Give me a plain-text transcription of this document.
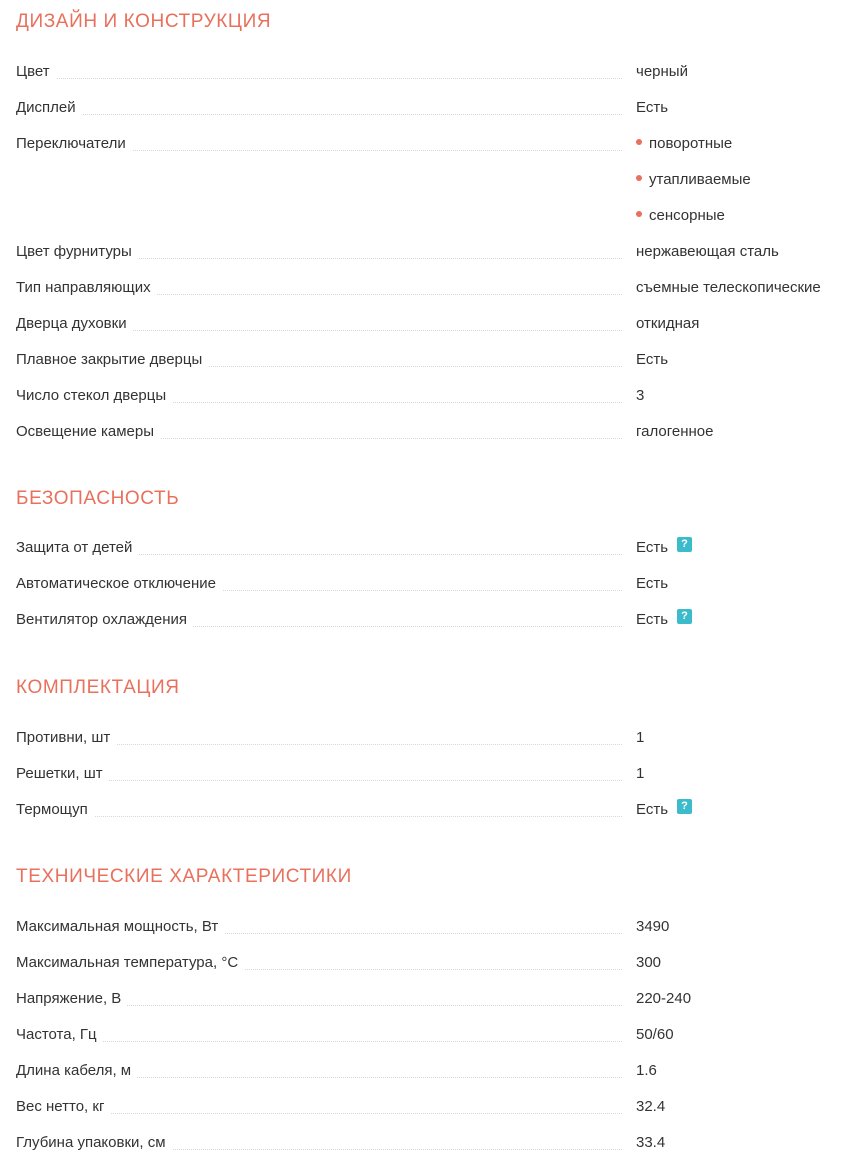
ДИЗАЙН И КОНСТРУКЦИЯ
Цвет	черный
Дисплей	Есть
Переключатели	поворотные
утапливаемые
сенсорные
Цвет фурнитуры	нержавеющая сталь
Тип направляющих	съемные телескопические
Дверца духовки	откидная
Плавное закрытие дверцы	Есть
Число стекол дверцы	3
Освещение камеры	галогенное
БЕЗОПАСНОСТЬ
Защита от детей	Есть ?
Автоматическое отключение	Есть
Вентилятор охлаждения	Есть ?
КОМПЛЕКТАЦИЯ
Противни, шт	1
Решетки, шт	1
Термощуп	Есть ?
ТЕХНИЧЕСКИЕ ХАРАКТЕРИСТИКИ
Максимальная мощность, Вт	3490
Максимальная температура, °С	300
Напряжение, В	220-240
Частота, Гц	50/60
Длина кабеля, м	1.6
Вес нетто, кг	32.4
Глубина упаковки, см	33.4
